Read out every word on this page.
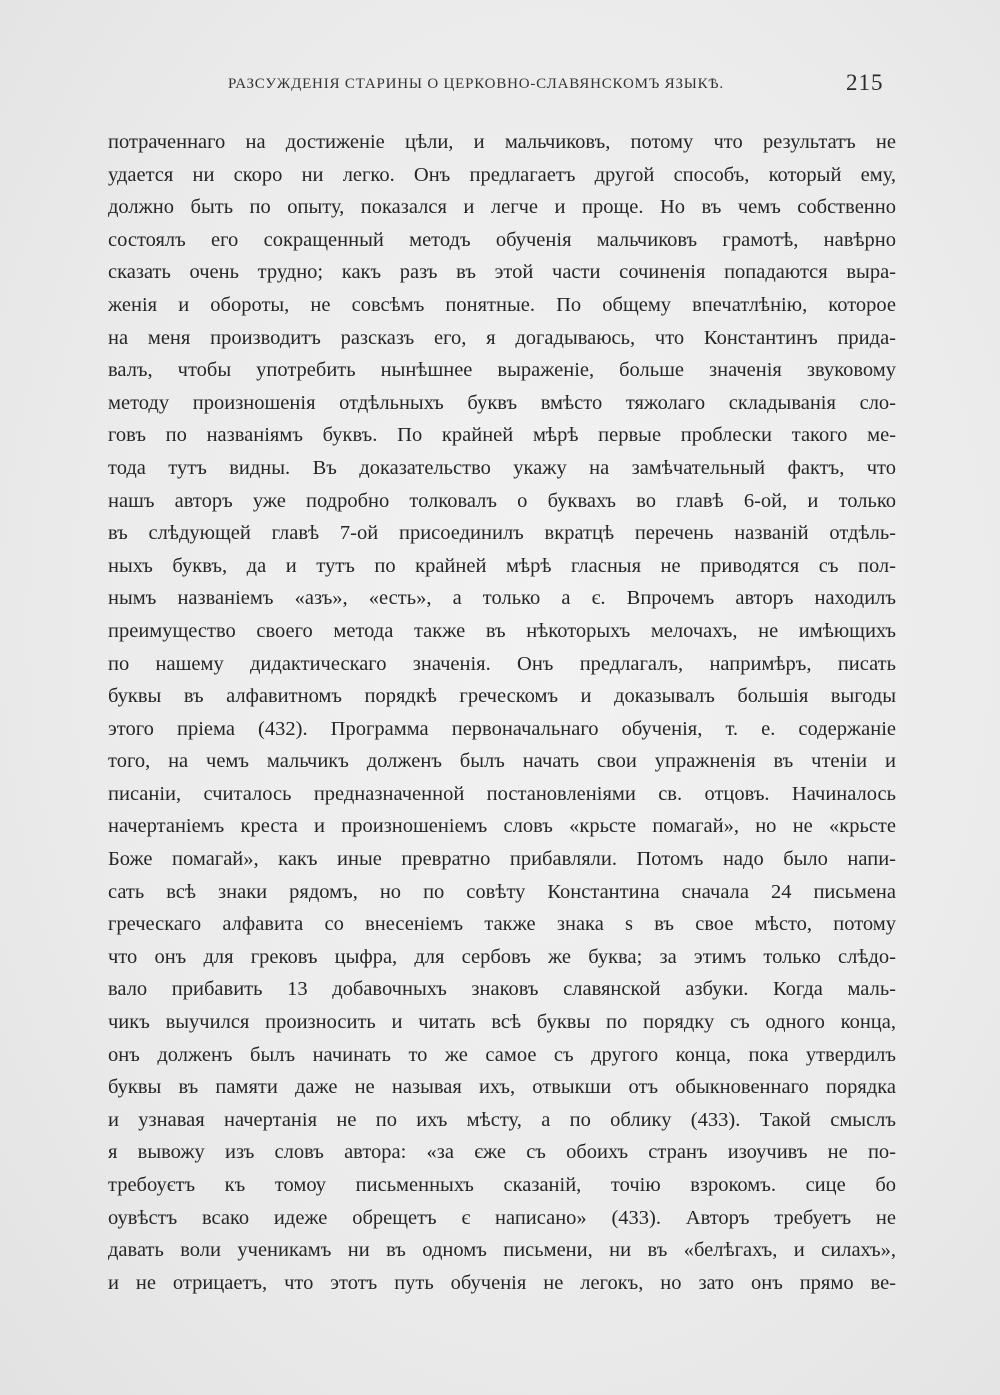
РАЗСУЖДЕНІЯ СТАРИНЫ О ЦЕРКОВНО-СЛАВЯНСКОМЪ ЯЗЫКѢ.	215
потраченнаго на достиженіе цѣли, и мальчиковъ, потому что результатъ не
удается ни скоро ни легко. Онъ предлагаетъ другой способъ, который ему,
должно быть по опыту, показался и легче и проще. Но въ чемъ собственно
состоялъ его сокращенный методъ обученія мальчиковъ грамотѣ, навѣрно
сказать очень трудно; какъ разъ въ этой части сочиненія попадаются выра-
женія и обороты, не совсѣмъ понятные. По общему впечатлѣнію, которое
на меня производитъ разсказъ его, я догадываюсь, что Константинъ прида-
валъ, чтобы употребить нынѣшнее выраженіе, больше значенія звуковому
методу произношенія отдѣльныхъ буквъ вмѣсто тяжолаго складыванія сло-
говъ по названіямъ буквъ. По крайней мѣрѣ первые проблески такого ме-
тода тутъ видны. Въ доказательство укажу на замѣчательный фактъ, что
нашъ авторъ уже подробно толковалъ о буквахъ во главѣ 6-ой, и только
въ слѣдующей главѣ 7-ой присоединилъ вкратцѣ перечень названій отдѣль-
ныхъ буквъ, да и тутъ по крайней мѣрѣ гласныя не приводятся съ пол-
нымъ названіемъ «азъ», «есть», а только а є. Впрочемъ авторъ находилъ
преимущество своего метода также въ нѣкоторыхъ мелочахъ, не имѣющихъ
по нашему дидактическаго значенія. Онъ предлагалъ, напримѣръ, писать
буквы въ алфавитномъ порядкѣ греческомъ и доказывалъ большія выгоды
этого пріема (432). Программа первоначальнаго обученія, т. е. содержаніе
того, на чемъ мальчикъ долженъ былъ начать свои упражненія въ чтеніи и
писаніи, считалось предназначенной постановленіями св. отцовъ. Начиналось
начертаніемъ креста и произношеніемъ словъ «крьсте помагай», но не «крьсте
Боже помагай», какъ иные превратно прибавляли. Потомъ надо было напи-
сать всѣ знаки рядомъ, но по совѣту Константина сначала 24 письмена
греческаго алфавита со внесеніемъ также знака ѕ въ свое мѣсто, потому
что онъ для грековъ цыфра, для сербовъ же буква; за этимъ только слѣдо-
вало прибавить 13 добавочныхъ знаковъ славянской азбуки. Когда маль-
чикъ выучился произносить и читать всѣ буквы по порядку съ одного конца,
онъ долженъ былъ начинать то же самое съ другого конца, пока утвердилъ
буквы въ памяти даже не называя ихъ, отвыкши отъ обыкновеннаго порядка
и узнавая начертанія не по ихъ мѣсту, а по облику (433). Такой смыслъ
я вывожу изъ словъ автора: «за єже съ обоихъ странъ изоучивъ не по-
требоуєтъ къ томоу письменныхъ сказаній, точію взрокомъ. сице бо
оувѣстъ всако идеже обрещетъ є написано» (433). Авторъ требуетъ не
давать воли ученикамъ ни въ одномъ письмени, ни въ «белѣгахъ, и силахъ»,
и не отрицаетъ, что этотъ путь обученія не легокъ, но зато онъ прямо ве-
